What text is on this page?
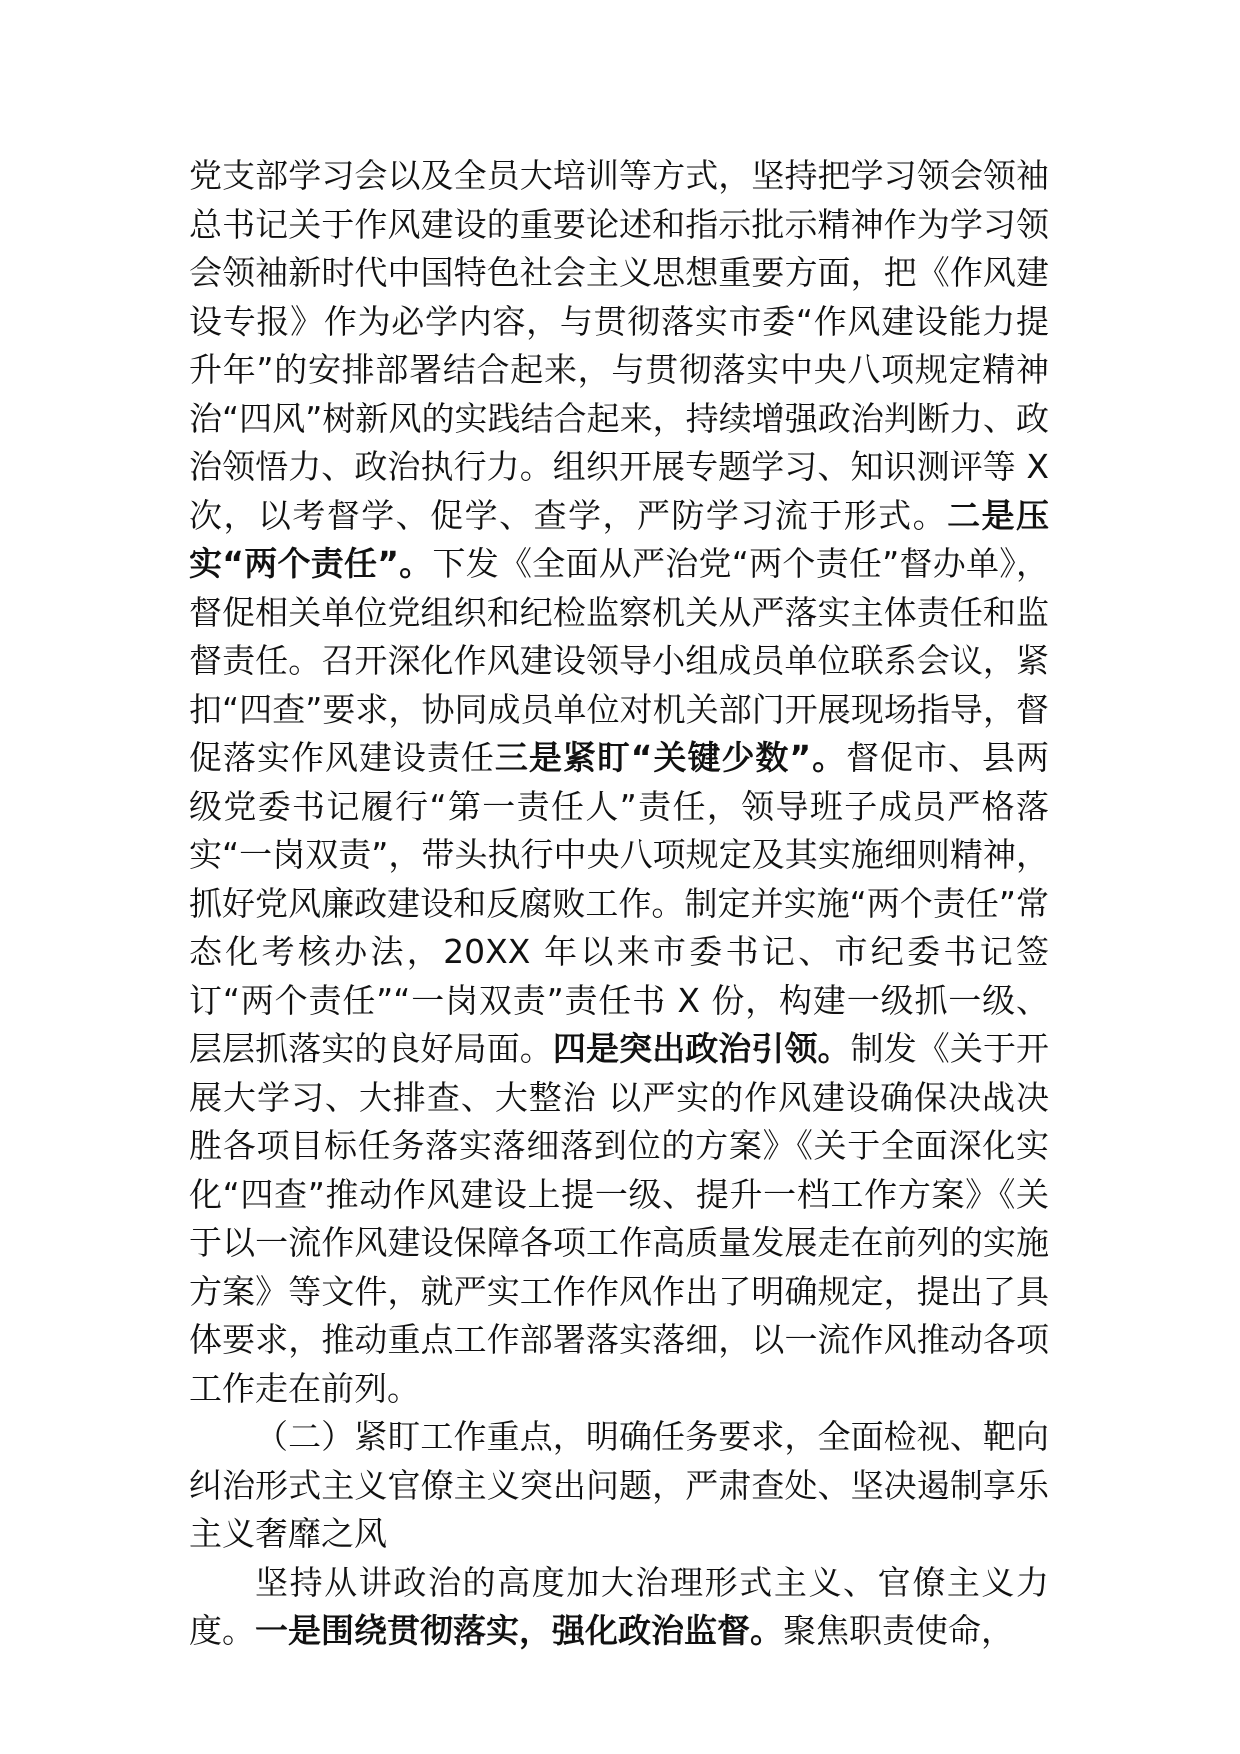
党支部学习会以及全员大培训等方式，坚持把学习领会领袖总书记关于作风建设的重要论述和指示批示精神作为学习领会领袖新时代中国特色社会主义思想重要方面，把《作风建设专报》作为必学内容，与贯彻落实市委“作风建设能力提升年”的安排部署结合起来，与贯彻落实中央八项规定精神治“四风”树新风的实践结合起来，持续增强政治判断力、政治领悟力、政治执行力。组织开展专题学习、知识测评等 X 次，以考督学、促学、查学，严防学习流于形式。二是压实“两个责任”。下发《全面从严治党“两个责任”督办单》，督促相关单位党组织和纪检监察机关从严落实主体责任和监督责任。召开深化作风建设领导小组成员单位联系会议，紧扣“四查”要求，协同成员单位对机关部门开展现场指导，督促落实作风建设责任三是紧盯“关键少数”。督促市、县两级党委书记履行“第一责任人”责任，领导班子成员严格落实“一岗双责”，带头执行中央八项规定及其实施细则精神，抓好党风廉政建设和反腐败工作。制定并实施“两个责任”常态化考核办法，20XX 年以来市委书记、市纪委书记签订“两个责任”“一岗双责”责任书 X 份，构建一级抓一级、层层抓落实的良好局面。四是突出政治引领。制发《关于开展大学习、大排查、大整治 以严实的作风建设确保决战决胜各项目标任务落实落细落到位的方案》《关于全面深化实化“四查”推动作风建设上提一级、提升一档工作方案》《关于以一流作风建设保障各项工作高质量发展走在前列的实施方案》等文件，就严实工作作风作出了明确规定，提出了具体要求，推动重点工作部署落实落细，以一流作风推动各项工作走在前列。

（二）紧盯工作重点，明确任务要求，全面检视、靶向纠治形式主义官僚主义突出问题，严肃查处、坚决遏制享乐主义奢靡之风

坚持从讲政治的高度加大治理形式主义、官僚主义力度。一是围绕贯彻落实，强化政治监督。聚焦职责使命，
